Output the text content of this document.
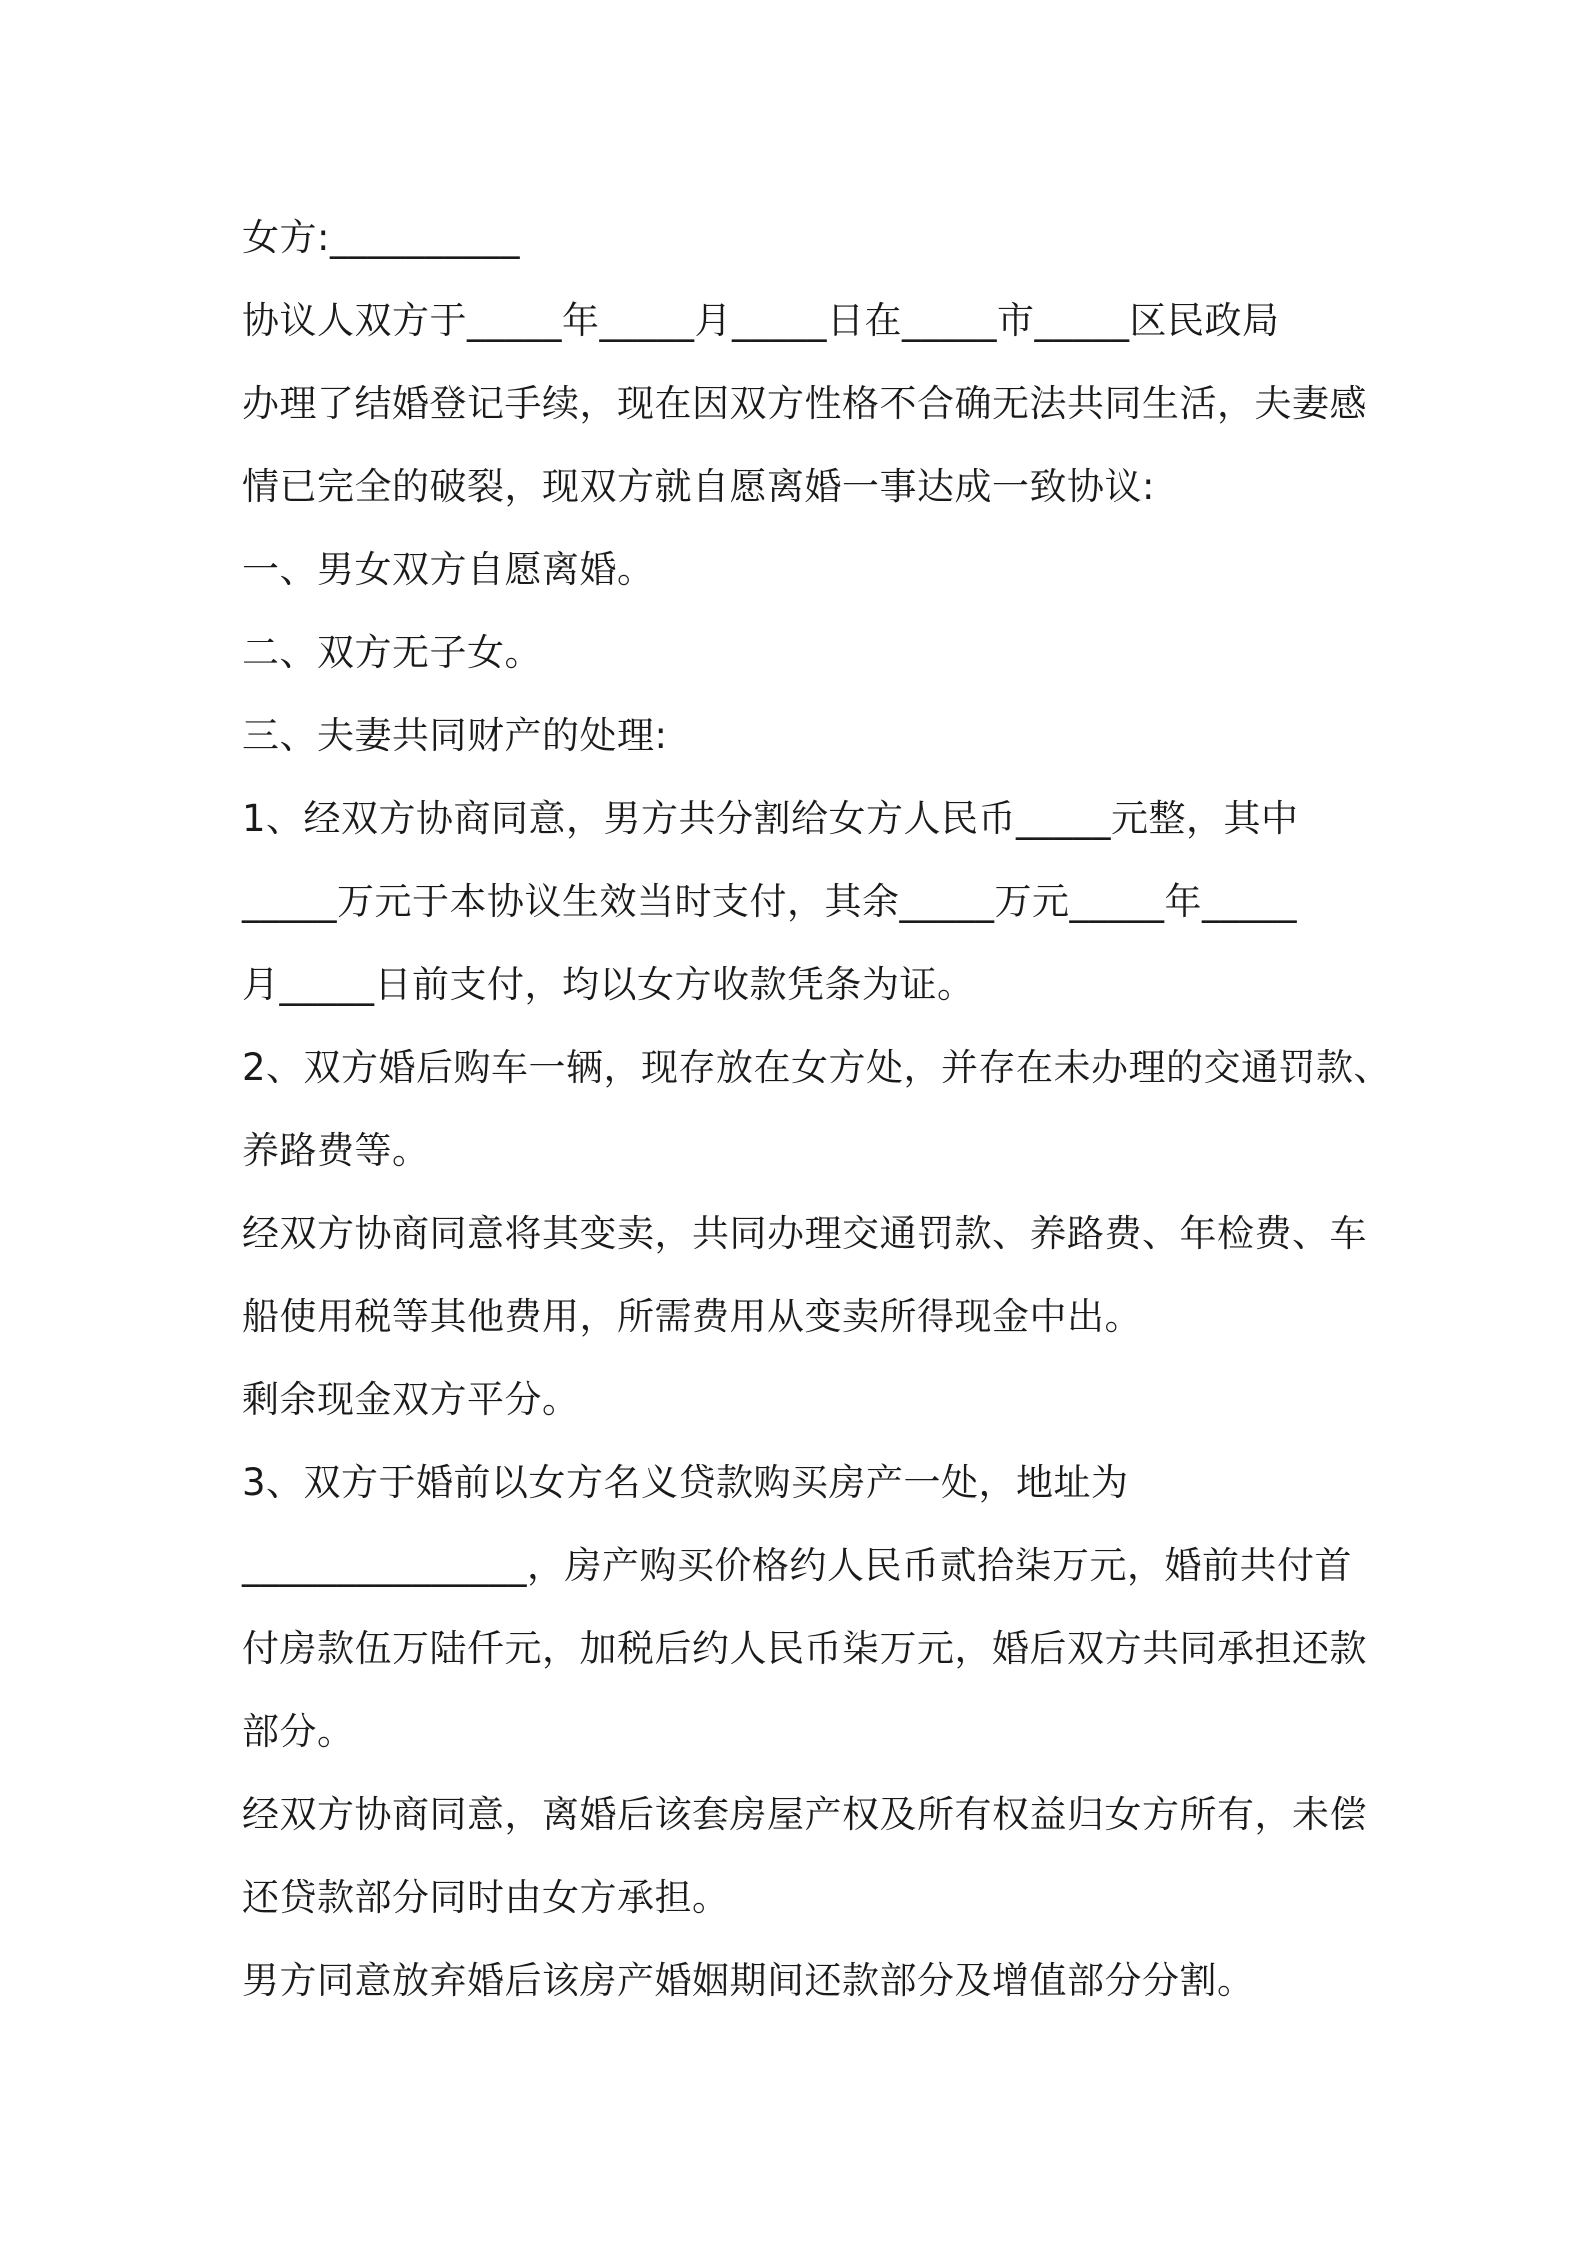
女方:__________
协议人双方于_____年_____月_____日在_____市_____区民政局
办理了结婚登记手续，现在因双方性格不合确无法共同生活，夫妻感
情已完全的破裂，现双方就自愿离婚一事达成一致协议:
一、男女双方自愿离婚。
二、双方无子女。
三、夫妻共同财产的处理:
1、经双方协商同意，男方共分割给女方人民币_____元整，其中
_____万元于本协议生效当时支付，其余_____万元_____年_____
月_____日前支付，均以女方收款凭条为证。
2、双方婚后购车一辆，现存放在女方处，并存在未办理的交通罚款、
养路费等。
经双方协商同意将其变卖，共同办理交通罚款、养路费、年检费、车
船使用税等其他费用，所需费用从变卖所得现金中出。
剩余现金双方平分。
3、双方于婚前以女方名义贷款购买房产一处，地址为
_______________，房产购买价格约人民币贰拾柒万元，婚前共付首
付房款伍万陆仟元，加税后约人民币柒万元，婚后双方共同承担还款
部分。
经双方协商同意，离婚后该套房屋产权及所有权益归女方所有，未偿
还贷款部分同时由女方承担。
男方同意放弃婚后该房产婚姻期间还款部分及增值部分分割。
